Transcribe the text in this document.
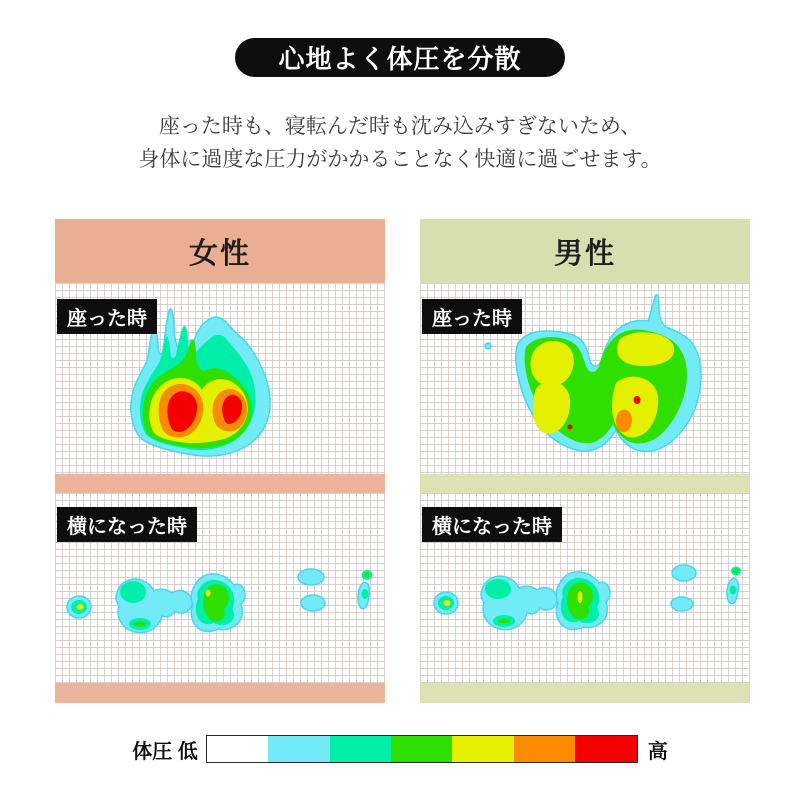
心地よく体圧を分散
座った時も、寝転んだ時も沈み込みすぎないため、
身体に過度な圧力がかかることなく快適に過ごせます。
女性
座った時
横になった時
男性
座った時
横になった時
体圧 低	高
